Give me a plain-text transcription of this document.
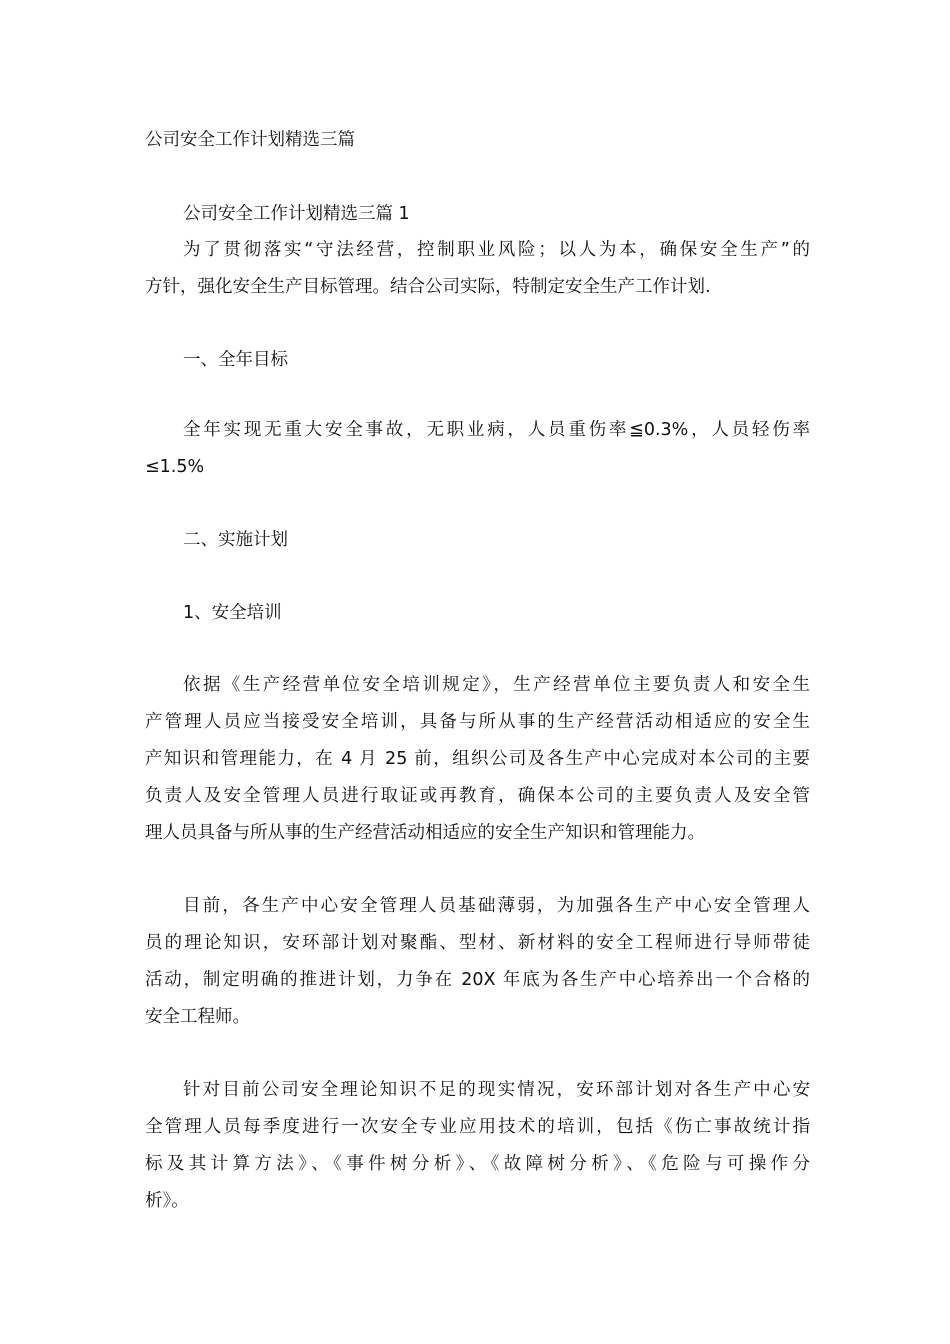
公司安全工作计划精选三篇
公司安全工作计划精选三篇 1
为了贯彻落实“守法经营，控制职业风险；以人为本，确保安全生产”的
方针，强化安全生产目标管理。结合公司实际，特制定安全生产工作计划.
一、全年目标
全年实现无重大安全事故，无职业病，人员重伤率≦0.3%，人员轻伤率
≤1.5%
二、实施计划
1、安全培训
依据《生产经营单位安全培训规定》，生产经营单位主要负责人和安全生
产管理人员应当接受安全培训，具备与所从事的生产经营活动相适应的安全生
产知识和管理能力，在 4 月 25 前，组织公司及各生产中心完成对本公司的主要
负责人及安全管理人员进行取证或再教育，确保本公司的主要负责人及安全管
理人员具备与所从事的生产经营活动相适应的安全生产知识和管理能力。
目前，各生产中心安全管理人员基础薄弱，为加强各生产中心安全管理人
员的理论知识，安环部计划对聚酯、型材、新材料的安全工程师进行导师带徒
活动，制定明确的推进计划，力争在 20X 年底为各生产中心培养出一个合格的
安全工程师。
针对目前公司安全理论知识不足的现实情况，安环部计划对各生产中心安
全管理人员每季度进行一次安全专业应用技术的培训，包括《伤亡事故统计指
标及其计算方法》、《事件树分析》、《故障树分析》、《危险与可操作分
析》。
